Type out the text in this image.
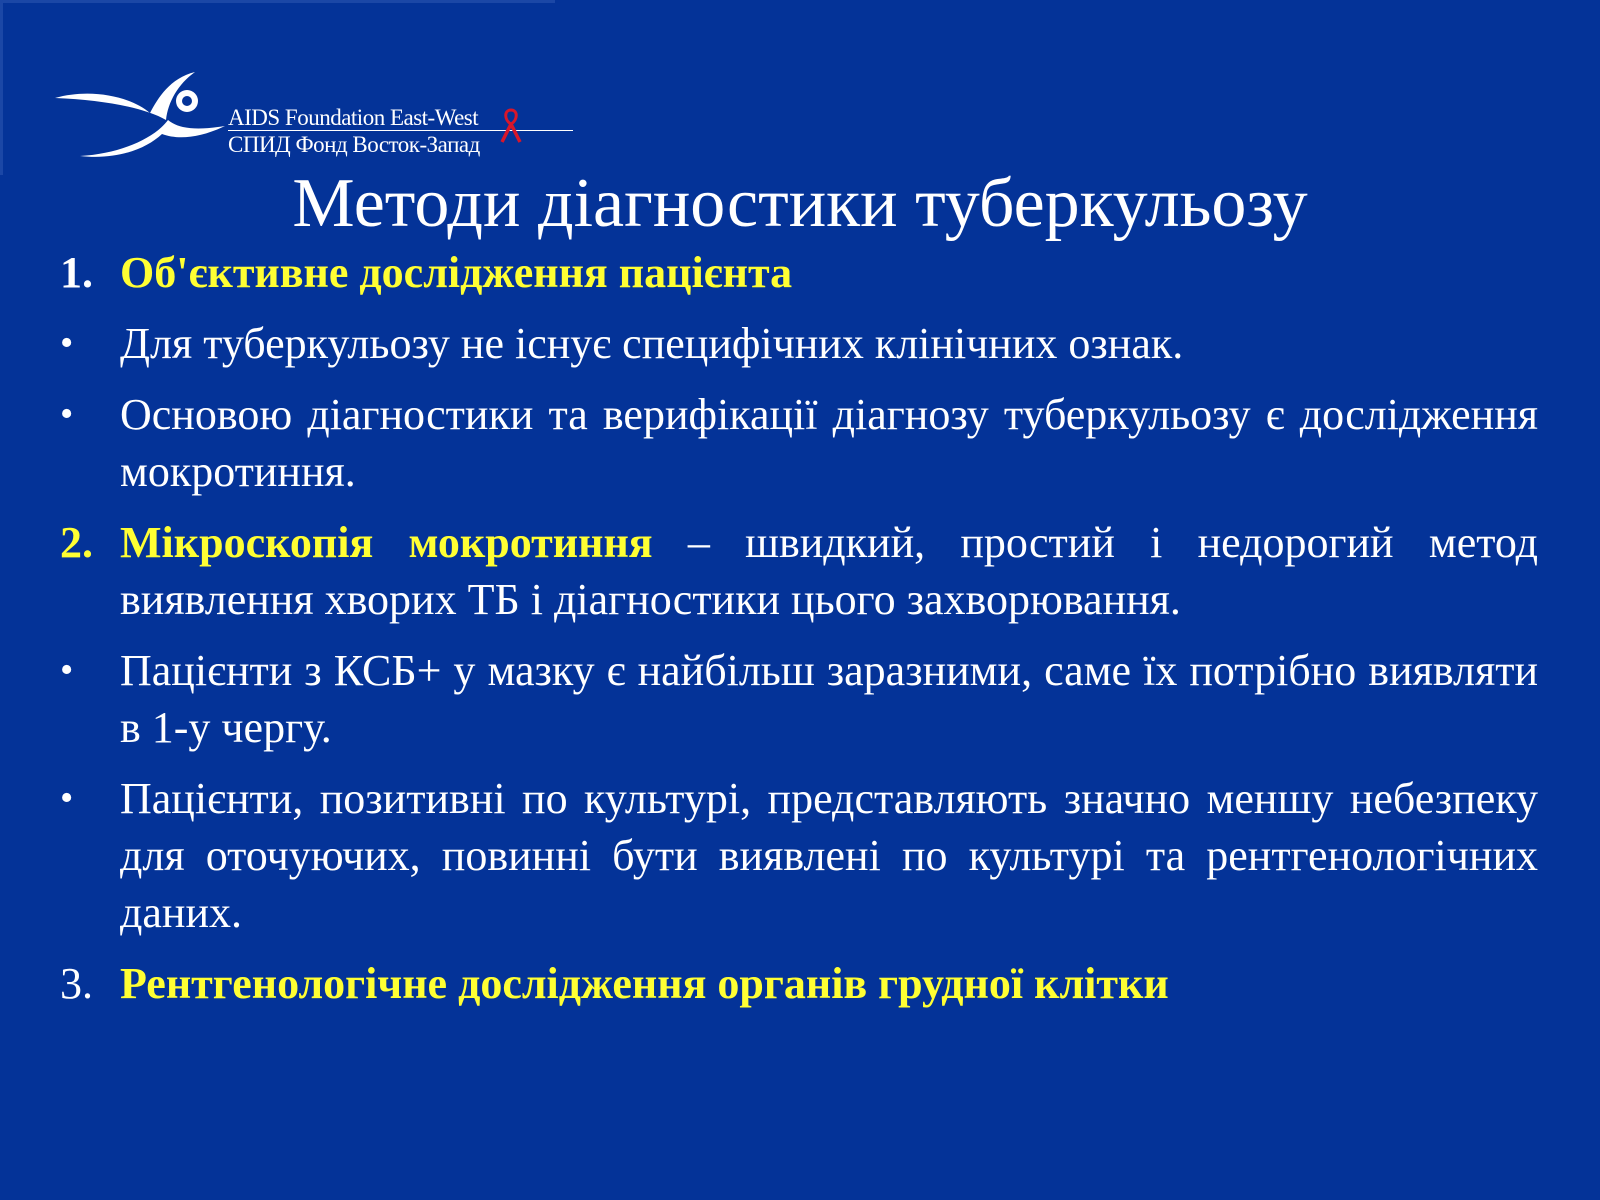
AIDS Foundation East-West
СПИД Фонд Восток-Запад
Методи діагностики туберкульозу
1. Об'єктивне дослідження пацієнта
•	Для туберкульозу не існує специфічних клінічних ознак.
•	Основою діагностики та верифікації діагнозу туберкульозу є дослідження мокротиння.
2. Мікроскопія мокротиння – швидкий, простий і недорогий метод виявлення хворих ТБ і діагностики цього захворювання.
•	Пацієнти з КСБ+ у мазку є найбільш заразними, саме їх потрібно виявляти в 1-у чергу.
•	Пацієнти, позитивні по культурі, представляють значно меншу небезпеку для оточуючих, повинні бути виявлені по культурі та рентгенологічних даних.
3. Рентгенологічне дослідження органів грудної клітки
